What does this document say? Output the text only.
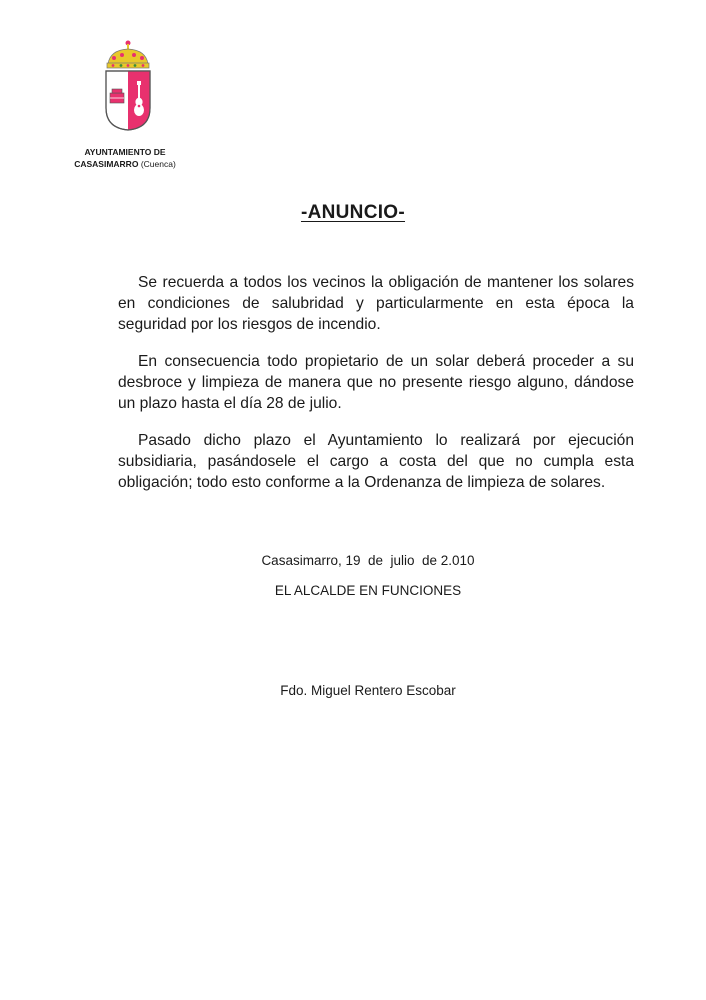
AYUNTAMIENTO DE
CASASIMARRO (Cuenca)
-ANUNCIO-

Se recuerda a todos los vecinos la obligación de mantener los solares en condiciones de salubridad y particularmente en esta época la seguridad por los riesgos de incendio.

En consecuencia todo propietario de un solar deberá proceder a su desbroce y limpieza de manera que no presente riesgo alguno, dándose un plazo hasta el día 28 de julio.

Pasado dicho plazo el Ayuntamiento lo realizará por ejecución subsidiaria, pasándosele el cargo a costa del que no cumpla esta obligación; todo esto conforme a la Ordenanza de limpieza de solares.

Casasimarro, 19  de  julio  de 2.010
EL ALCALDE EN FUNCIONES
Fdo. Miguel Rentero Escobar
